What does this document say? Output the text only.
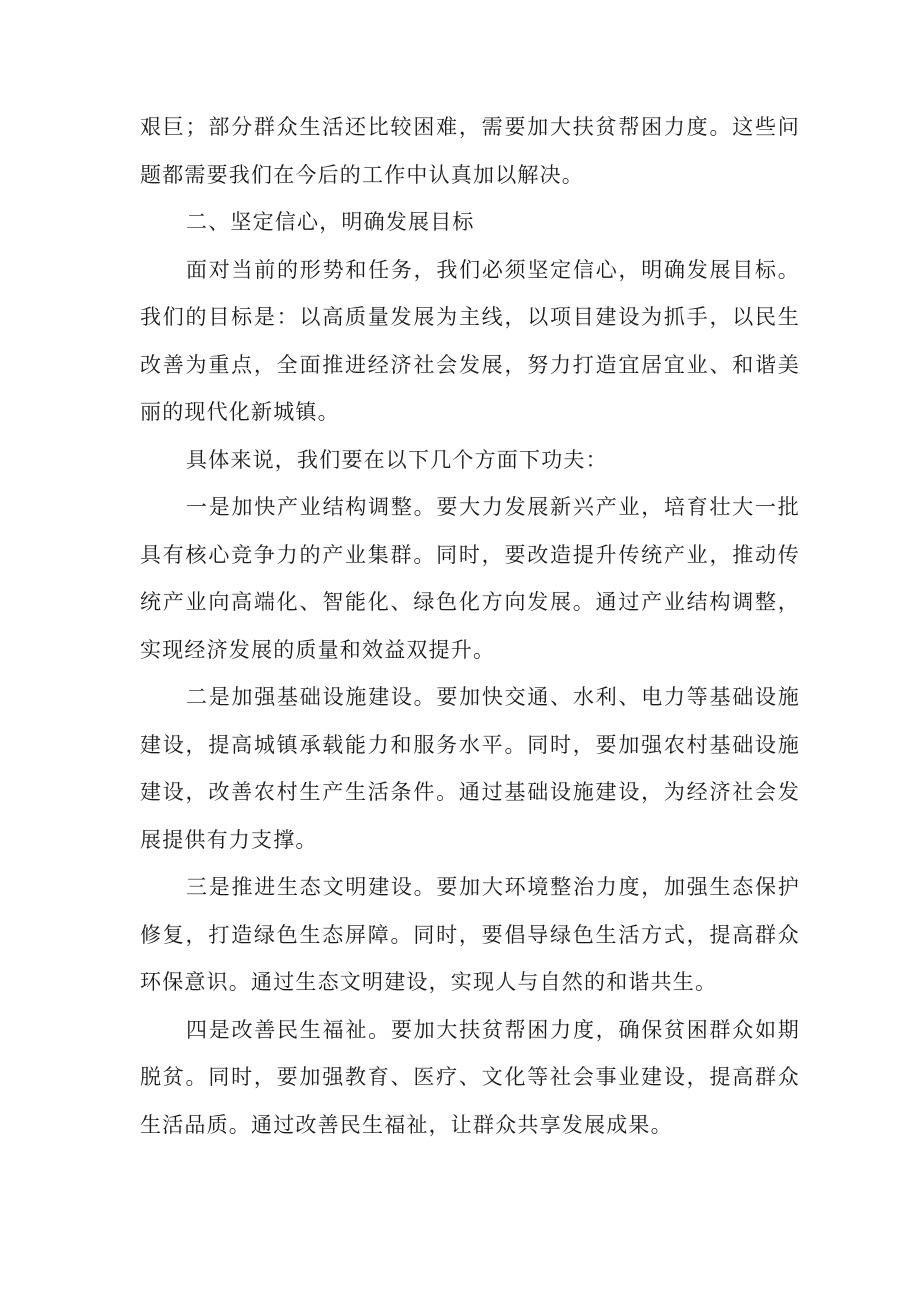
艰巨；部分群众生活还比较困难，需要加大扶贫帮困力度。这些问题都需要我们在今后的工作中认真加以解决。

二、坚定信心，明确发展目标

面对当前的形势和任务，我们必须坚定信心，明确发展目标。我们的目标是：以高质量发展为主线，以项目建设为抓手，以民生改善为重点，全面推进经济社会发展，努力打造宜居宜业、和谐美丽的现代化新城镇。

具体来说，我们要在以下几个方面下功夫：

一是加快产业结构调整。要大力发展新兴产业，培育壮大一批具有核心竞争力的产业集群。同时，要改造提升传统产业，推动传统产业向高端化、智能化、绿色化方向发展。通过产业结构调整，实现经济发展的质量和效益双提升。

二是加强基础设施建设。要加快交通、水利、电力等基础设施建设，提高城镇承载能力和服务水平。同时，要加强农村基础设施建设，改善农村生产生活条件。通过基础设施建设，为经济社会发展提供有力支撑。

三是推进生态文明建设。要加大环境整治力度，加强生态保护修复，打造绿色生态屏障。同时，要倡导绿色生活方式，提高群众环保意识。通过生态文明建设，实现人与自然的和谐共生。

四是改善民生福祉。要加大扶贫帮困力度，确保贫困群众如期脱贫。同时，要加强教育、医疗、文化等社会事业建设，提高群众生活品质。通过改善民生福祉，让群众共享发展成果。
